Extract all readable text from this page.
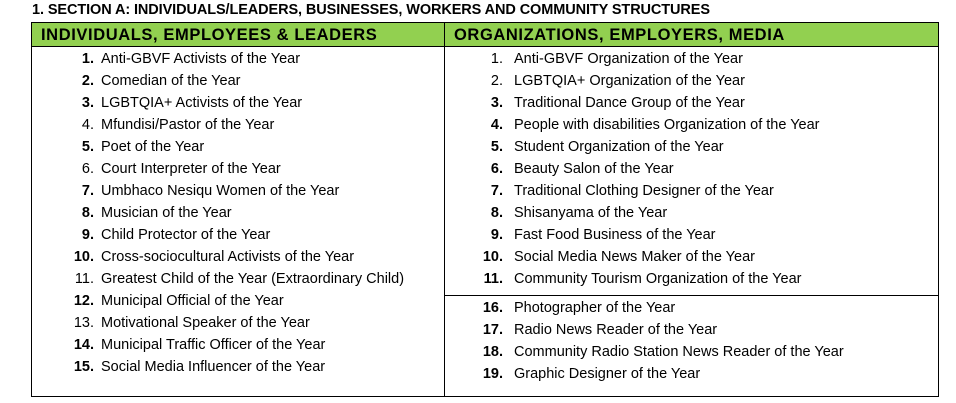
1. SECTION A: INDIVIDUALS/LEADERS, BUSINESSES, WORKERS AND COMMUNITY STRUCTURES
INDIVIDUALS, EMPLOYEES & LEADERS	ORGANIZATIONS, EMPLOYERS, MEDIA
1. Anti-GBVF Activists of the Year
2. Comedian of the Year
3. LGBTQIA+ Activists of the Year
4. Mfundisi/Pastor of the Year
5. Poet of the Year
6. Court Interpreter of the Year
7. Umbhaco Nesiqu Women of the Year
8. Musician of the Year
9. Child Protector of the Year
10. Cross-sociocultural Activists of the Year
11. Greatest Child of the Year (Extraordinary Child)
12. Municipal Official of the Year
13. Motivational Speaker of the Year
14. Municipal Traffic Officer of the Year
15. Social Media Influencer of the Year
1. Anti-GBVF Organization of the Year
2. LGBTQIA+ Organization of the Year
3. Traditional Dance Group of the Year
4. People with disabilities Organization of the Year
5. Student Organization of the Year
6. Beauty Salon of the Year
7. Traditional Clothing Designer of the Year
8. Shisanyama of the Year
9. Fast Food Business of the Year
10. Social Media News Maker of the Year
11. Community Tourism Organization of the Year
16. Photographer of the Year
17. Radio News Reader of the Year
18. Community Radio Station News Reader of the Year
19. Graphic Designer of the Year
